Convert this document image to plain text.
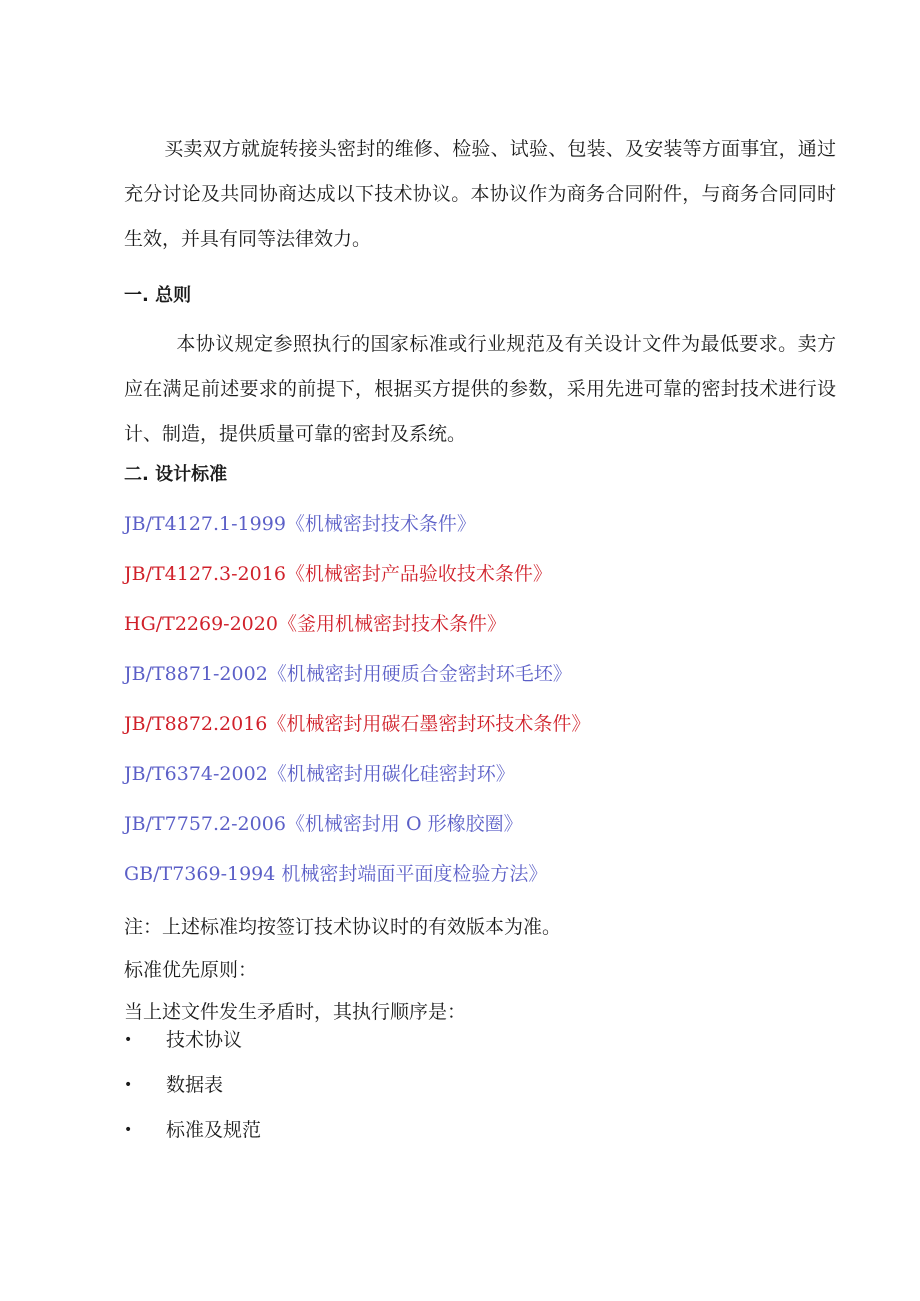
买卖双方就旋转接头密封的维修、检验、试验、包装、及安装等方面事宜，通过充分讨论及共同协商达成以下技术协议。本协议作为商务合同附件，与商务合同同时生效，并具有同等法律效力。

一. 总则

本协议规定参照执行的国家标准或行业规范及有关设计文件为最低要求。卖方应在满足前述要求的前提下，根据买方提供的参数，采用先进可靠的密封技术进行设计、制造，提供质量可靠的密封及系统。

二. 设计标准
JB/T4127.1-1999《机械密封技术条件》
JB/T4127.3-2016《机械密封产品验收技术条件》
HG/T2269-2020《釜用机械密封技术条件》
JB/T8871-2002《机械密封用硬质合金密封环毛坯》
JB/T8872.2016《机械密封用碳石墨密封环技术条件》
JB/T6374-2002《机械密封用碳化硅密封环》
JB/T7757.2-2006《机械密封用 O 形橡胶圈》
GB/T7369-1994 机械密封端面平面度检验方法》

注：上述标准均按签订技术协议时的有效版本为准。

标准优先原则：

当上述文件发生矛盾时，其执行顺序是：

• 技术协议
• 数据表
• 标准及规范
